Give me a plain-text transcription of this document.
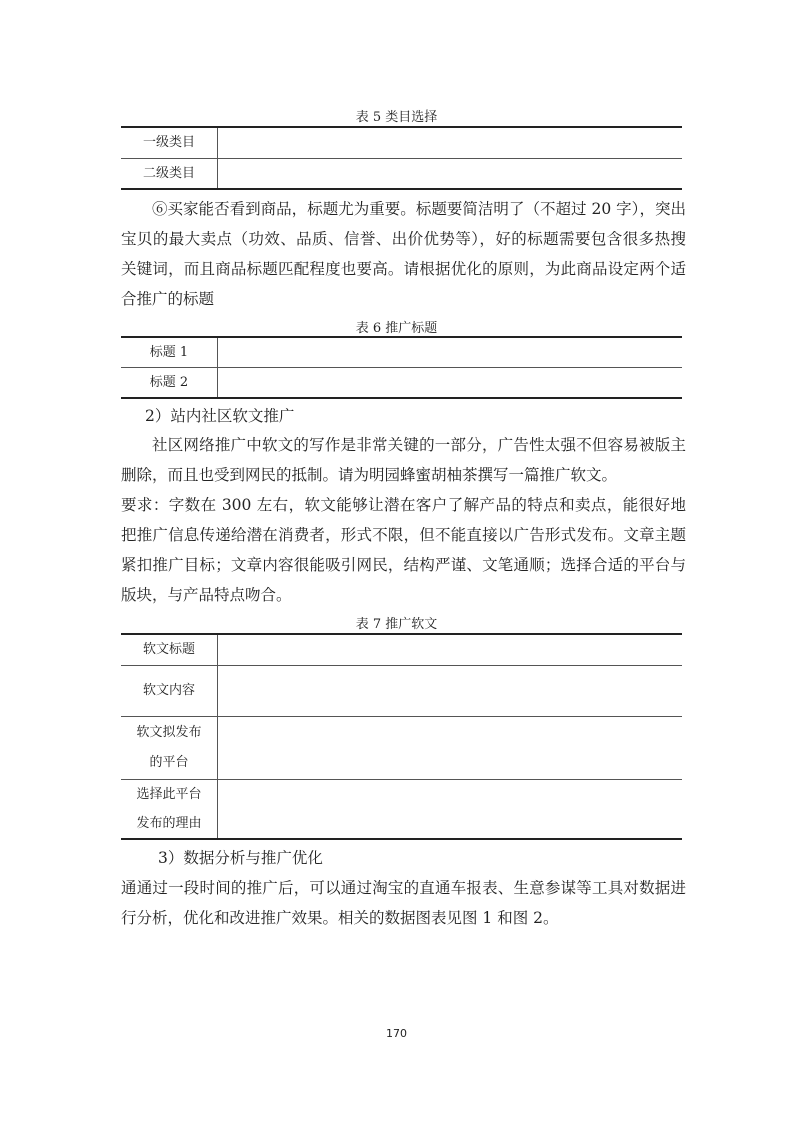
表 5 类目选择
一级类目	
二级类目	

⑥买家能否看到商品，标题尤为重要。标题要简洁明了（不超过 20 字），突出宝贝的最大卖点（功效、品质、信誉、出价优势等），好的标题需要包含很多热搜关键词，而且商品标题匹配程度也要高。请根据优化的原则，为此商品设定两个适合推广的标题

表 6 推广标题
标题 1	
标题 2	
2）站内社区软文推广

社区网络推广中软文的写作是非常关键的一部分，广告性太强不但容易被版主删除，而且也受到网民的抵制。请为明园蜂蜜胡柚茶撰写一篇推广软文。

要求：字数在 300 左右，软文能够让潜在客户了解产品的特点和卖点，能很好地把推广信息传递给潜在消费者，形式不限，但不能直接以广告形式发布。文章主题紧扣推广目标；文章内容很能吸引网民，结构严谨、文笔通顺；选择合适的平台与版块，与产品特点吻合。

表 7 推广软文
软文标题	

软文内容	

软文拟发布
的平台	

选择此平台
发布的理由	

3）数据分析与推广优化

通通过一段时间的推广后，可以通过淘宝的直通车报表、生意参谋等工具对数据进行分析，优化和改进推广效果。相关的数据图表见图 1 和图 2。

170
